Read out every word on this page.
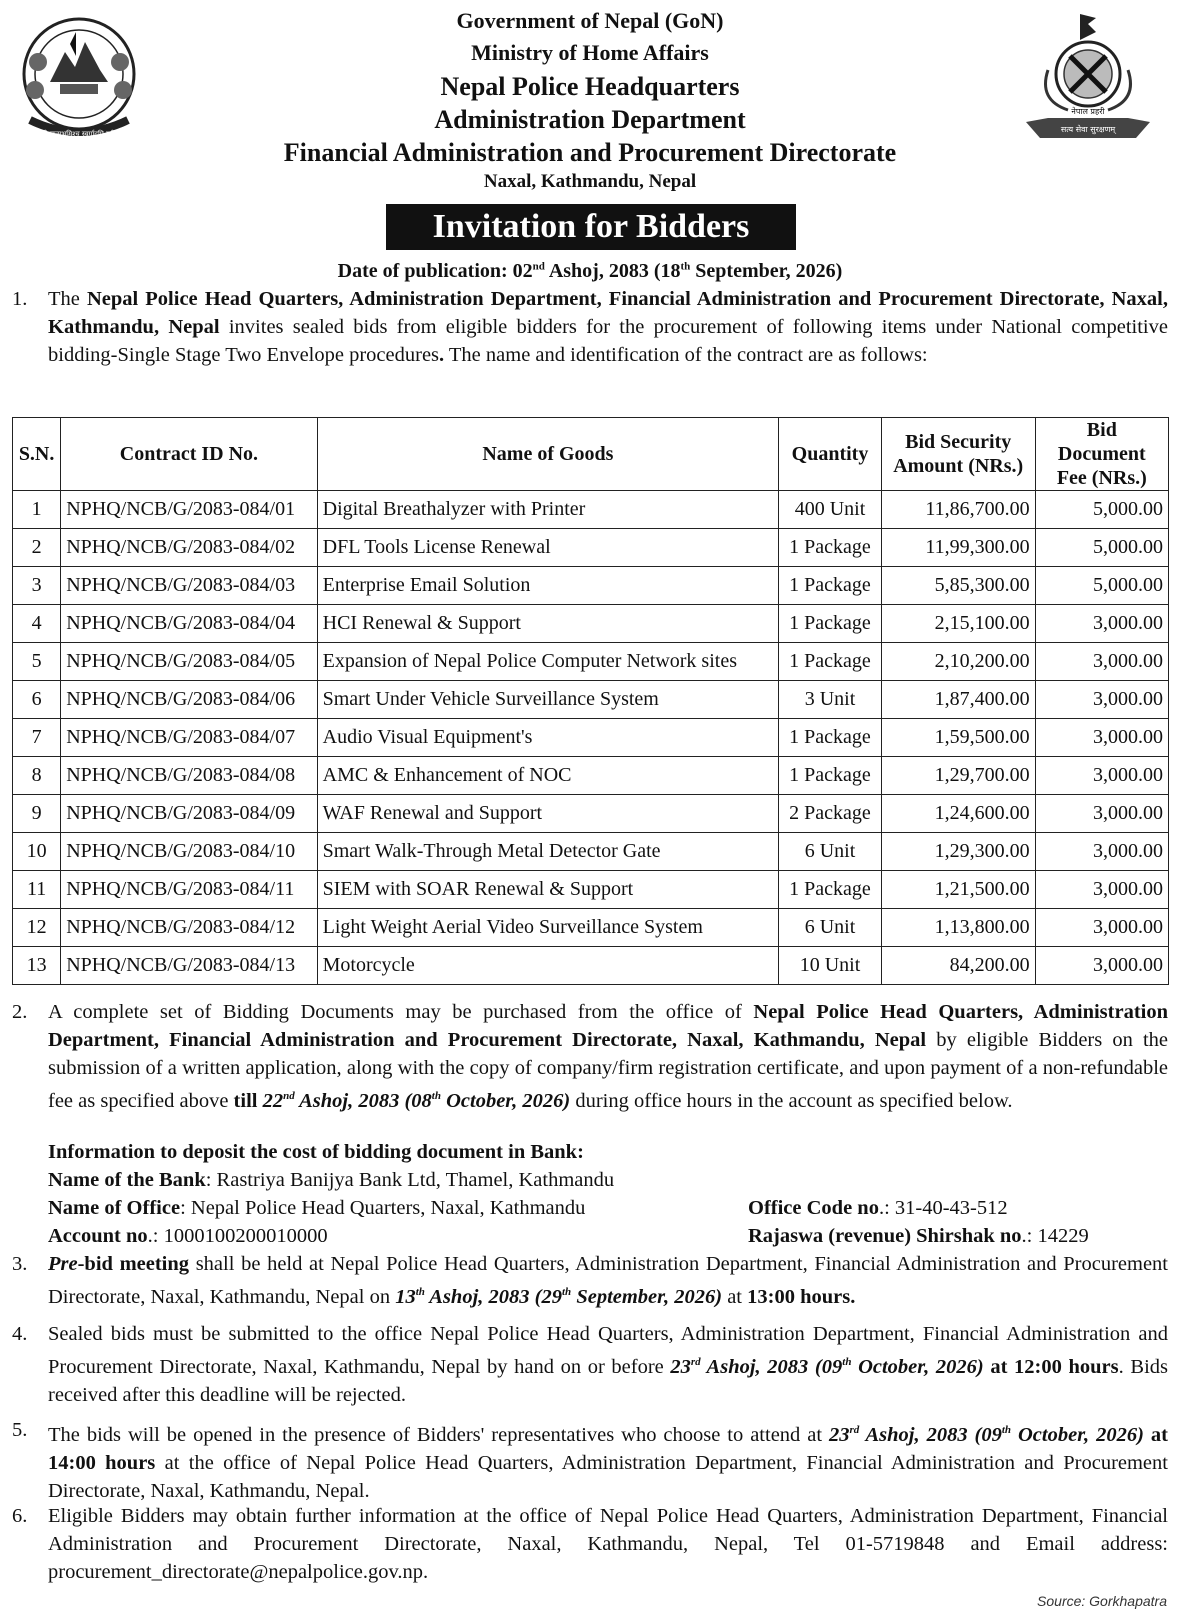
जननी जन्मभूमिश्च स्वर्गादपि गरीयसी
नेपाल प्रहरी
सत्य सेवा सुरक्षणम्
Government of Nepal (GoN)
Ministry of Home Affairs
Nepal Police Headquarters
Administration Department
Financial Administration and Procurement Directorate
Naxal, Kathmandu, Nepal
Invitation for Bidders
Date of publication: 02nd Ashoj, 2083 (18th September, 2026)
1. The Nepal Police Head Quarters, Administration Department, Financial Administration and Procurement Directorate, Naxal, Kathmandu, Nepal invites sealed bids from eligible bidders for the procurement of following items under National competitive bidding-Single Stage Two Envelope procedures. The name and identification of the contract are as follows:
S.N.	Contract ID No.	Name of Goods	Quantity	Bid Security Amount (NRs.)	Bid Document Fee (NRs.)
1	NPHQ/NCB/G/2083-084/01	Digital Breathalyzer with Printer	400 Unit	11,86,700.00	5,000.00
2	NPHQ/NCB/G/2083-084/02	DFL Tools License Renewal	1 Package	11,99,300.00	5,000.00
3	NPHQ/NCB/G/2083-084/03	Enterprise Email Solution	1 Package	5,85,300.00	5,000.00
4	NPHQ/NCB/G/2083-084/04	HCI Renewal & Support	1 Package	2,15,100.00	3,000.00
5	NPHQ/NCB/G/2083-084/05	Expansion of Nepal Police Computer Network sites	1 Package	2,10,200.00	3,000.00
6	NPHQ/NCB/G/2083-084/06	Smart Under Vehicle Surveillance System	3 Unit	1,87,400.00	3,000.00
7	NPHQ/NCB/G/2083-084/07	Audio Visual Equipment's	1 Package	1,59,500.00	3,000.00
8	NPHQ/NCB/G/2083-084/08	AMC & Enhancement of NOC	1 Package	1,29,700.00	3,000.00
9	NPHQ/NCB/G/2083-084/09	WAF Renewal and Support	2 Package	1,24,600.00	3,000.00
10	NPHQ/NCB/G/2083-084/10	Smart Walk-Through Metal Detector Gate	6 Unit	1,29,300.00	3,000.00
11	NPHQ/NCB/G/2083-084/11	SIEM with SOAR Renewal & Support	1 Package	1,21,500.00	3,000.00
12	NPHQ/NCB/G/2083-084/12	Light Weight Aerial Video Surveillance System	6 Unit	1,13,800.00	3,000.00
13	NPHQ/NCB/G/2083-084/13	Motorcycle	10 Unit	84,200.00	3,000.00
2. A complete set of Bidding Documents may be purchased from the office of Nepal Police Head Quarters, Administration Department, Financial Administration and Procurement Directorate, Naxal, Kathmandu, Nepal by eligible Bidders on the submission of a written application, along with the copy of company/firm registration certificate, and upon payment of a non-refundable fee as specified above till 22nd Ashoj, 2083 (08th October, 2026) during office hours in the account as specified below.
Information to deposit the cost of bidding document in Bank:
Name of the Bank: Rastriya Banijya Bank Ltd, Thamel, Kathmandu
Name of Office: Nepal Police Head Quarters, Naxal, Kathmandu
Account no.: 1000100200010000
Office Code no.: 31-40-43-512
Rajaswa (revenue) Shirshak no.: 14229
3. Pre-bid meeting shall be held at Nepal Police Head Quarters, Administration Department, Financial Administration and Procurement Directorate, Naxal, Kathmandu, Nepal on 13th Ashoj, 2083 (29th September, 2026) at 13:00 hours.
4. Sealed bids must be submitted to the office Nepal Police Head Quarters, Administration Department, Financial Administration and Procurement Directorate, Naxal, Kathmandu, Nepal by hand on or before 23rd Ashoj, 2083 (09th October, 2026) at 12:00 hours. Bids received after this deadline will be rejected.
5. The bids will be opened in the presence of Bidders' representatives who choose to attend at 23rd Ashoj, 2083 (09th October, 2026) at 14:00 hours at the office of Nepal Police Head Quarters, Administration Department, Financial Administration and Procurement Directorate, Naxal, Kathmandu, Nepal.
6. Eligible Bidders may obtain further information at the office of Nepal Police Head Quarters, Administration Department, Financial Administration and Procurement Directorate, Naxal, Kathmandu, Nepal, Tel 01-5719848 and Email address: procurement_directorate@nepalpolice.gov.np.
Source: Gorkhapatra
